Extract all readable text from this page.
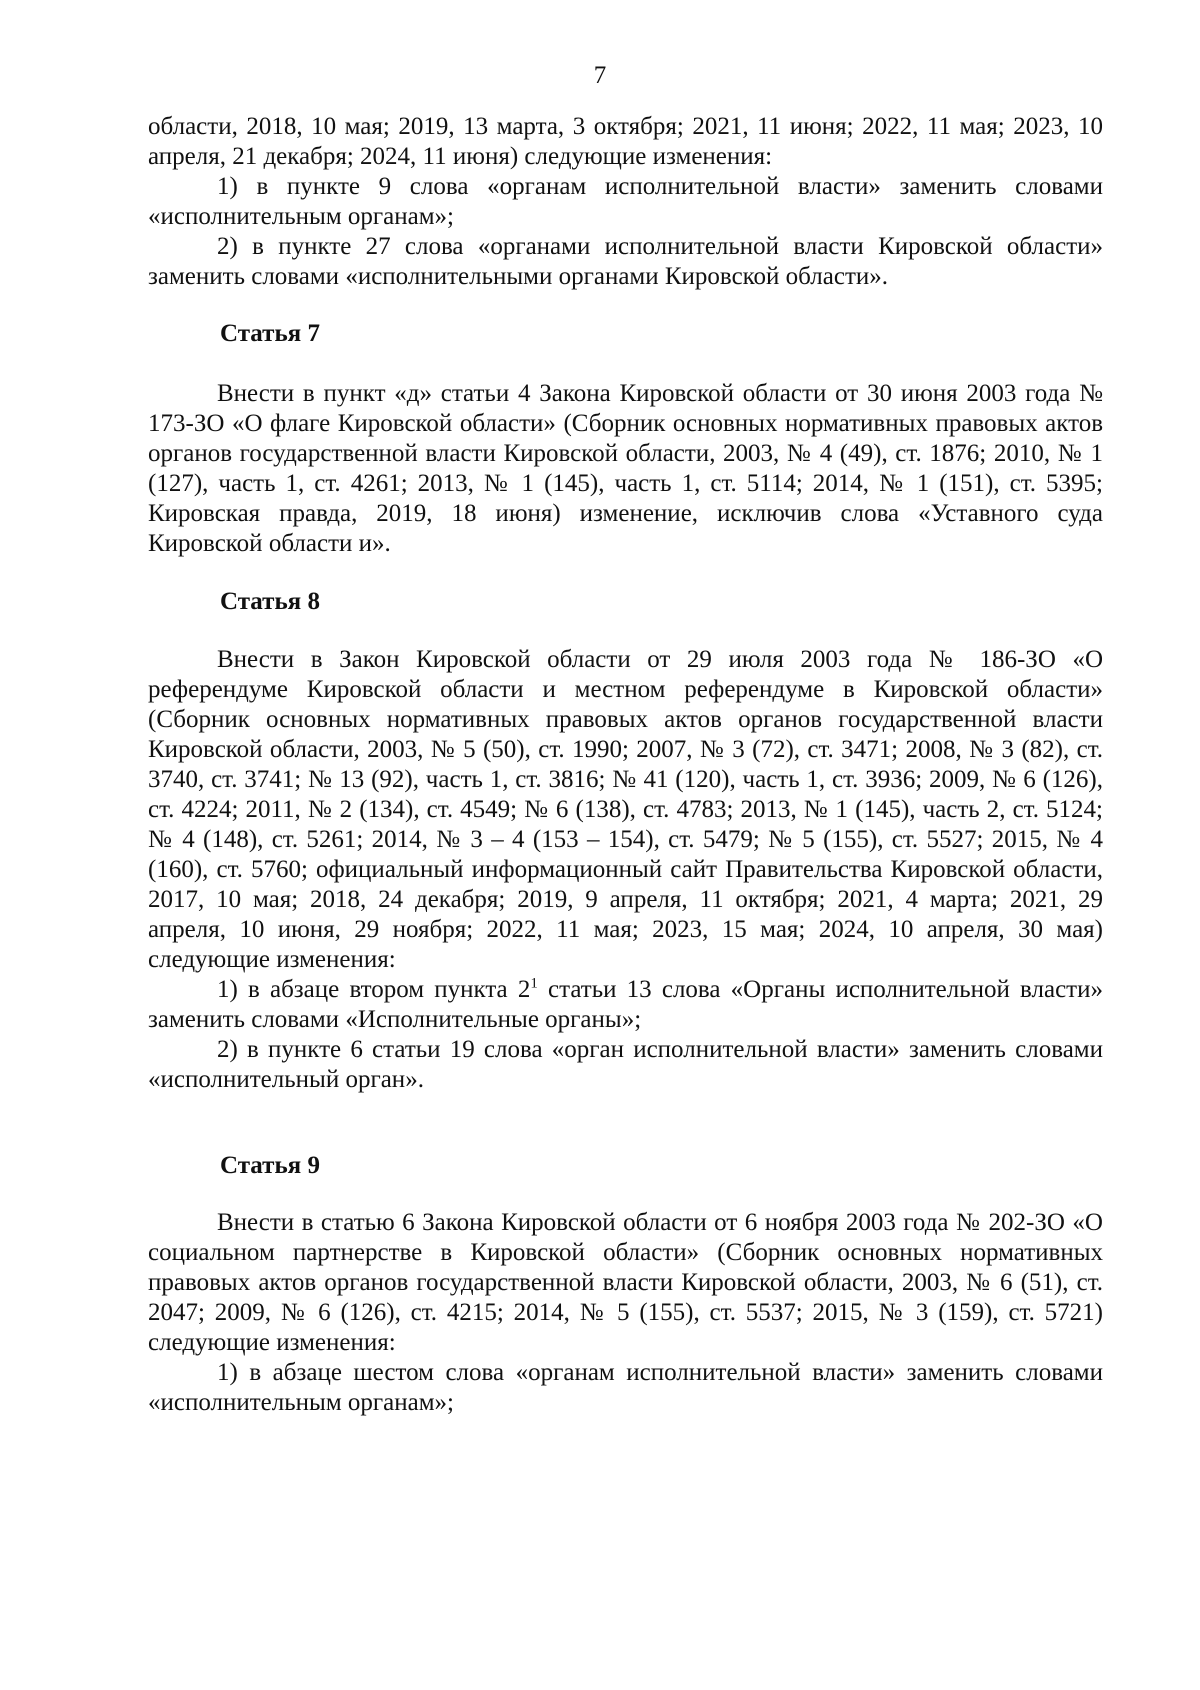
7

области, 2018, 10 мая; 2019, 13 марта, 3 октября; 2021, 11 июня; 2022, 11 мая; 2023, 10 апреля, 21 декабря; 2024, 11 июня) следующие изменения:

1) в пункте 9 слова «органам исполнительной власти» заменить словами «исполнительным органам»;

2) в пункте 27 слова «органами исполнительной власти Кировской области» заменить словами «исполнительными органами Кировской области».

Статья 7

Внести в пункт «д» статьи 4 Закона Кировской области от 30 июня 2003 года № 173-ЗО «О флаге Кировской области» (Сборник основных нормативных правовых актов органов государственной власти Кировской области, 2003, № 4 (49), ст. 1876; 2010, № 1 (127), часть 1, ст. 4261; 2013, № 1 (145), часть 1, ст. 5114; 2014, № 1 (151), ст. 5395; Кировская правда, 2019, 18 июня) изменение, исключив слова «Уставного суда Кировской области и».

Статья 8

Внести в Закон Кировской области от 29 июля 2003 года № 186-ЗО «О референдуме Кировской области и местном референдуме в Кировской области» (Сборник основных нормативных правовых актов органов государственной власти Кировской области, 2003, № 5 (50), ст. 1990; 2007, № 3 (72), ст. 3471; 2008, № 3 (82), ст. 3740, ст. 3741; № 13 (92), часть 1, ст. 3816; № 41 (120), часть 1, ст. 3936; 2009, № 6 (126), ст. 4224; 2011, № 2 (134), ст. 4549; № 6 (138), ст. 4783; 2013, № 1 (145), часть 2, ст. 5124; № 4 (148), ст. 5261; 2014, № 3 – 4 (153 – 154), ст. 5479; № 5 (155), ст. 5527; 2015, № 4 (160), ст. 5760; официальный информационный сайт Правительства Кировской области, 2017, 10 мая; 2018, 24 декабря; 2019, 9 апреля, 11 октября; 2021, 4 марта; 2021, 29 апреля, 10 июня, 29 ноября; 2022, 11 мая; 2023, 15 мая; 2024, 10 апреля, 30 мая) следующие изменения:

1) в абзаце втором пункта $2^1$ статьи 13 слова «Органы исполнительной власти» заменить словами «Исполнительные органы»;

2) в пункте 6 статьи 19 слова «орган исполнительной власти» заменить словами «исполнительный орган».

Статья 9

Внести в статью 6 Закона Кировской области от 6 ноября 2003 года № 202-ЗО «О социальном партнерстве в Кировской области» (Сборник основных нормативных правовых актов органов государственной власти Кировской области, 2003, № 6 (51), ст. 2047; 2009, № 6 (126), ст. 4215; 2014, № 5 (155), ст. 5537; 2015, № 3 (159), ст. 5721) следующие изменения:

1) в абзаце шестом слова «органам исполнительной власти» заменить словами «исполнительным органам»;
